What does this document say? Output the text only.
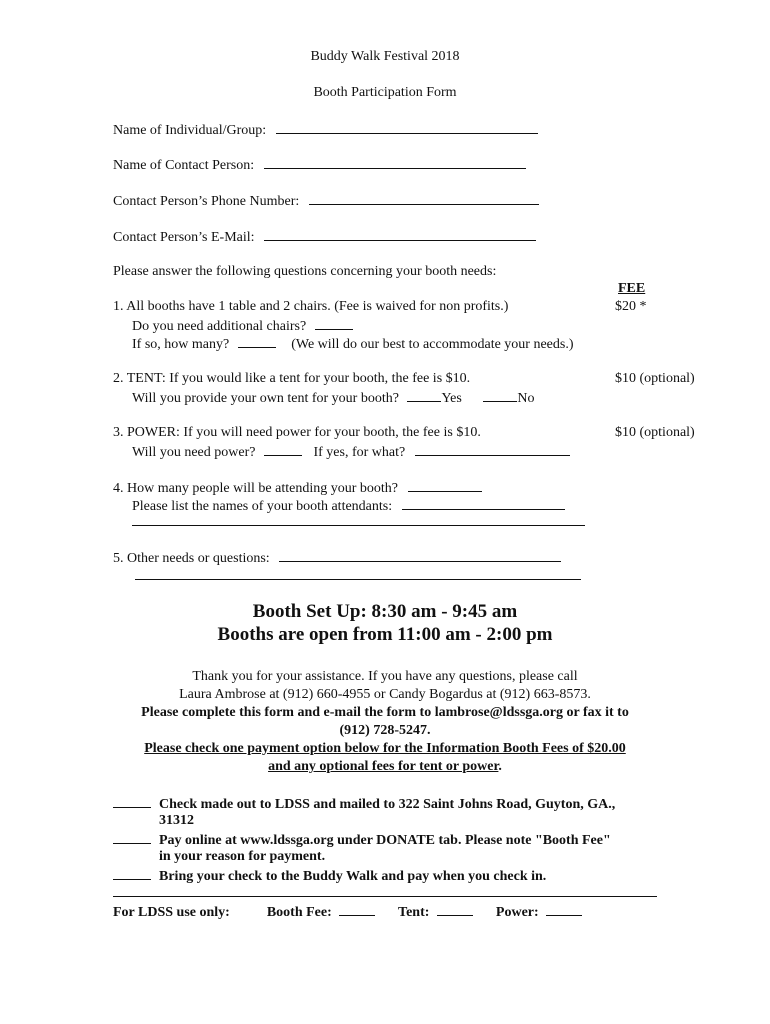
Buddy Walk Festival 2018
Booth Participation Form
Name of Individual/Group:
Name of Contact Person:
Contact Person’s Phone Number:
Contact Person’s E-Mail:
Please answer the following questions concerning your booth needs:
FEE
1. All booths have 1 table and 2 chairs. (Fee is waived for non profits.)	$20 *
Do you need additional chairs?
If so, how many?	(We will do our best to accommodate your needs.)
2. TENT: If you would like a tent for your booth, the fee is $10.	$10 (optional)
Will you provide your own tent for your booth?	Yes	No
3. POWER: If you will need power for your booth, the fee is $10.	$10 (optional)
Will you need power?	If yes, for what?
4. How many people will be attending your booth?
Please list the names of your booth attendants:
5. Other needs or questions:
Booth Set Up: 8:30 am - 9:45 am
Booths are open from 11:00 am - 2:00 pm
Thank you for your assistance. If you have any questions, please call
Laura Ambrose at (912) 660-4955 or Candy Bogardus at (912) 663-8573.
Please complete this form and e-mail the form to lambrose@ldssga.org or fax it to
(912) 728-5247.
Please check one payment option below for the Information Booth Fees of $20.00
and any optional fees for tent or power.
Check made out to LDSS and mailed to 322 Saint Johns Road, Guyton, GA.,
31312
Pay online at www.ldssga.org under DONATE tab. Please note "Booth Fee"
in your reason for payment.
Bring your check to the Buddy Walk and pay when you check in.
For LDSS use only:	Booth Fee:	Tent:	Power:
